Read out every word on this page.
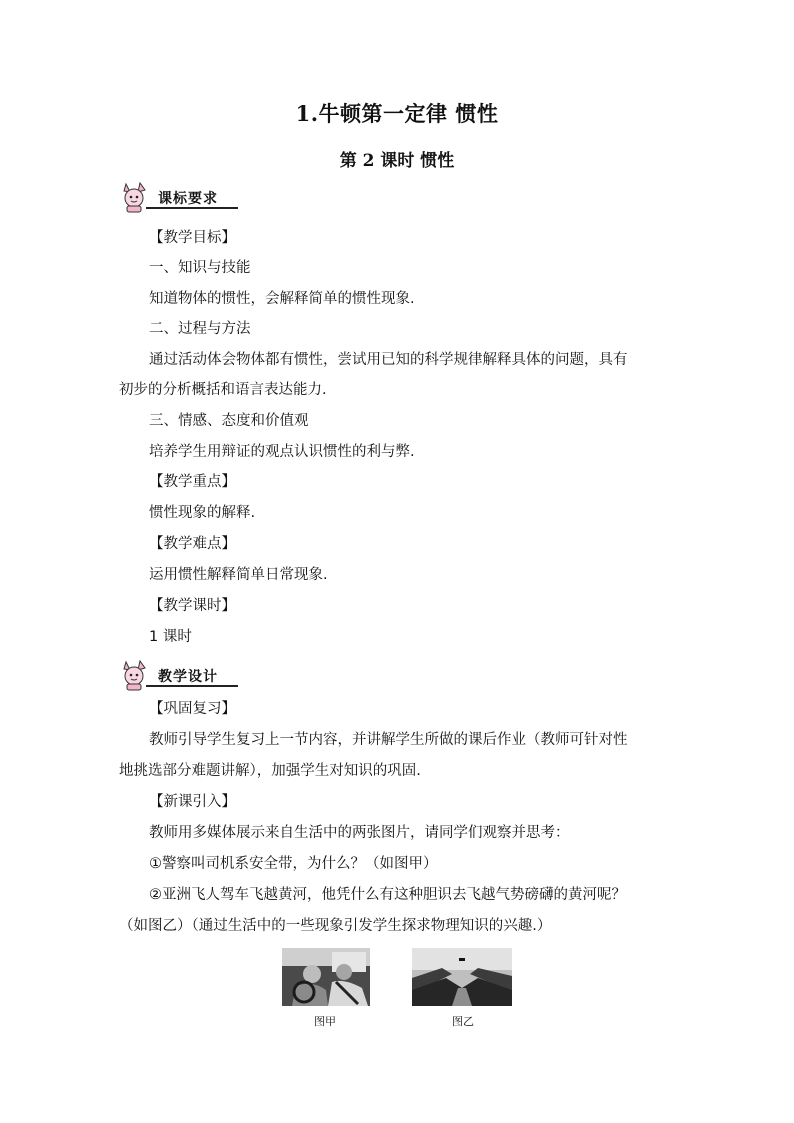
1.牛顿第一定律 惯性
第 2 课时 惯性
课标要求
【教学目标】
一、知识与技能
知道物体的惯性，会解释简单的惯性现象.
二、过程与方法
通过活动体会物体都有惯性，尝试用已知的科学规律解释具体的问题，具有
初步的分析概括和语言表达能力.
三、情感、态度和价值观
培养学生用辩证的观点认识惯性的利与弊.
【教学重点】
惯性现象的解释.
【教学难点】
运用惯性解释简单日常现象.
【教学课时】
1 课时
教学设计
【巩固复习】
教师引导学生复习上一节内容，并讲解学生所做的课后作业（教师可针对性
地挑选部分难题讲解），加强学生对知识的巩固.
【新课引入】
教师用多媒体展示来自生活中的两张图片，请同学们观察并思考：
①警察叫司机系安全带，为什么？（如图甲）
②亚洲飞人驾车飞越黄河，他凭什么有这种胆识去飞越气势磅礴的黄河呢？
（如图乙）（通过生活中的一些现象引发学生探求物理知识的兴趣.）
图甲	图乙
